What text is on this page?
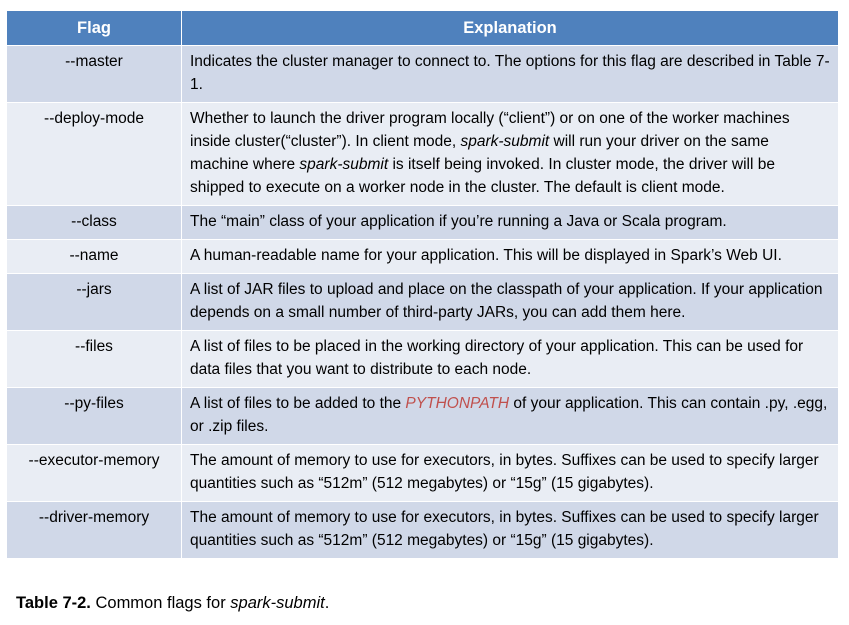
Flag	Explanation
--master	Indicates the cluster manager to connect to. The options for this flag are described in Table 7-1.
--deploy-mode	Whether to launch the driver program locally (“client”) or on one of the worker machines inside cluster(“cluster”). In client mode, spark-submit will run your driver on the same machine where spark-submit is itself being invoked. In cluster mode, the driver will be shipped to execute on a worker node in the cluster. The default is client mode.
--class	The “main” class of your application if you’re running a Java or Scala program.
--name	A human-readable name for your application. This will be displayed in Spark’s Web UI.
--jars	A list of JAR files to upload and place on the classpath of your application. If your application depends on a small number of third-party JARs, you can add them here.
--files	A list of files to be placed in the working directory of your application. This can be used for data files that you want to distribute to each node.
--py-files	A list of files to be added to the PYTHONPATH of your application. This can contain .py, .egg, or .zip files.
--executor-memory	The amount of memory to use for executors, in bytes. Suffixes can be used to specify larger quantities such as “512m” (512 megabytes) or “15g” (15 gigabytes).
--driver-memory	The amount of memory to use for executors, in bytes. Suffixes can be used to specify larger quantities such as “512m” (512 megabytes) or “15g” (15 gigabytes).
Table 7-2. Common flags for spark-submit.
